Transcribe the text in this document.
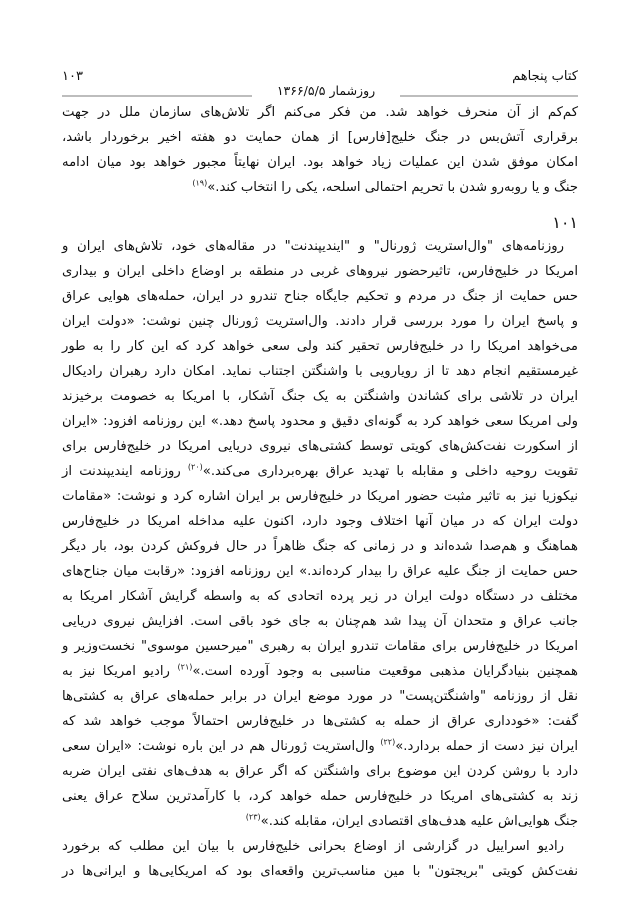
کتاب پنجاهم
روزشمار ۱۳۶۶/۵/۵
۱۰۳

کم‌کم از آن منحرف خواهد شد. من فکر می‌کنم اگر تلاش‌های سازمان ملل در جهت
برقراری آتش‌بس در جنگ خلیج[فارس] از همان حمایت دو هفته اخیر برخوردار باشد،
امکان موفق شدن این عملیات زیاد خواهد بود. ایران نهایتاً مجبور خواهد بود میان ادامه
جنگ و یا روبه‌رو شدن با تحریم احتمالی اسلحه، یکی را انتخاب کند.»$^{(۱۹)}$

۱۰۱

روزنامه‌های "وال‌استریت ژورنال" و "ایندیپندنت" در مقاله‌های خود، تلاش‌های ایران و
امریکا در خلیج‌فارس، تاثیرحضور نیروهای غربی در منطقه بر اوضاع داخلی ایران و بیداری
حس حمایت از جنگ در مردم و تحکیم جایگاه جناح تندرو در ایران، حمله‌های هوایی عراق
و پاسخ ایران را مورد بررسی قرار دادند. وال‌استریت ژورنال چنین نوشت: «دولت ایران
می‌خواهد امریکا را در خلیج‌فارس تحقیر کند ولی سعی خواهد کرد که این کار را به طور
غیرمستقیم انجام دهد تا از رویارویی با واشنگتن اجتناب نماید. امکان دارد رهبران رادیکال
ایران در تلاشی برای کشاندن واشنگتن به یک جنگ آشکار، با امریکا به خصومت برخیزند
ولی امریکا سعی خواهد کرد به گونه‌ای دقیق و محدود پاسخ دهد.» این روزنامه افزود: «ایران
از اسکورت نفت‌کش‌های کویتی توسط کشتی‌های نیروی دریایی امریکا در خلیج‌فارس برای
تقویت روحیه داخلی و مقابله با تهدید عراق بهره‌برداری می‌کند.»$^{(۲۰)}$ روزنامه ایندیپندنت از
نیکوزیا نیز به تاثیر مثبت حضور امریکا در خلیج‌فارس بر ایران اشاره کرد و نوشت: «مقامات
دولت ایران که در میان آنها اختلاف وجود دارد، اکنون علیه مداخله امریکا در خلیج‌فارس
هماهنگ و هم‌صدا شده‌اند و در زمانی که جنگ ظاهراً در حال فروکش کردن بود، بار دیگر
حس حمایت از جنگ علیه عراق را بیدار کرده‌اند.» این روزنامه افزود: «رقابت میان جناح‌های
مختلف در دستگاه دولت ایران در زیر پرده اتحادی که به واسطه گرایش آشکار امریکا به
جانب عراق و متحدان آن پیدا شد هم‌چنان به جای خود باقی است. افزایش نیروی دریایی
امریکا در خلیج‌فارس برای مقامات تندرو ایران به رهبری "میرحسین موسوی" نخست‌وزیر و
همچنین بنیادگرایان مذهبی موقعیت مناسبی به وجود آورده است.»$^{(۲۱)}$ رادیو امریکا نیز به
نقل از روزنامه "واشنگتن‌پست" در مورد موضع ایران در برابر حمله‌های عراق به کشتی‌ها
گفت: «خودداری عراق از حمله به کشتی‌ها در خلیج‌فارس احتمالاً موجب خواهد شد که
ایران نیز دست از حمله بردارد.»$^{(۲۲)}$ وال‌استریت ژورنال هم در این باره نوشت: «ایران سعی
دارد با روشن کردن این موضوع برای واشنگتن که اگر عراق به هدف‌های نفتی ایران ضربه
زند به کشتی‌های امریکا در خلیج‌فارس حمله خواهد کرد، با کارآمدترین سلاح عراق یعنی
جنگ هوایی‌اش علیه هدف‌های اقتصادی ایران، مقابله کند.»$^{(۲۳)}$

رادیو اسراییل در گزارشی از اوضاع بحرانی خلیج‌فارس با بیان این مطلب که برخورد
نفت‌کش کویتی "بریجتون" با مین مناسب‌ترین واقعه‌ای بود که امریکایی‌ها و ایرانی‌ها در
